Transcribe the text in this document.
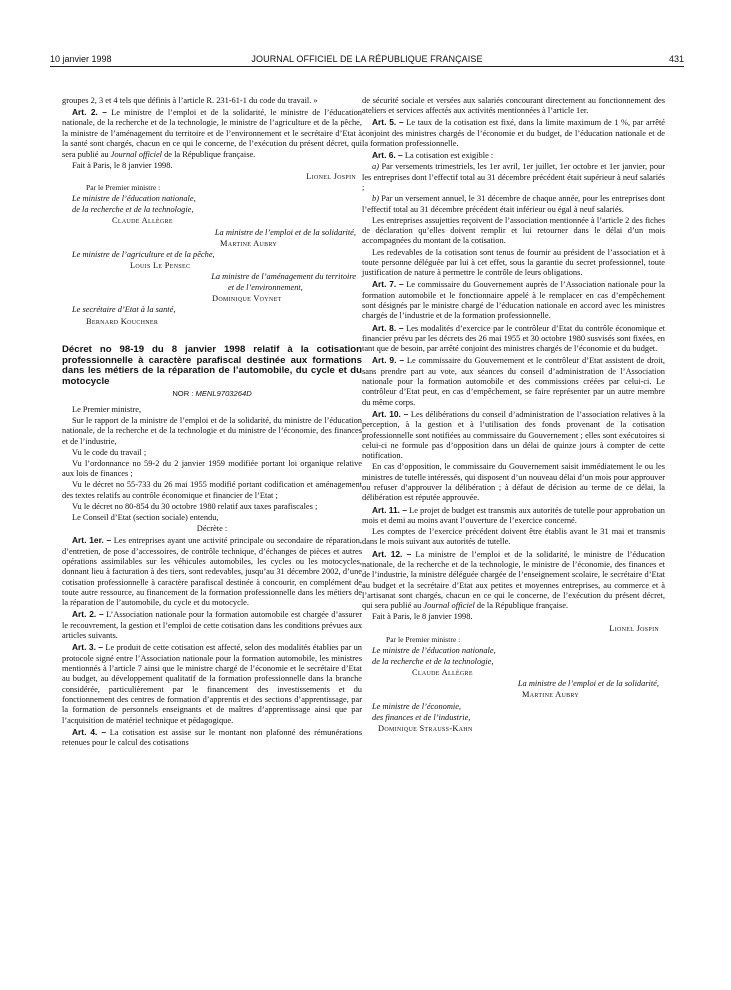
10 janvier 1998	JOURNAL OFFICIEL DE LA RÉPUBLIQUE FRANÇAISE	431

groupes 2, 3 et 4 tels que définis à l’article R. 231-61-1 du code du travail. »

Art. 2. – Le ministre de l’emploi et de la solidarité, le ministre de l’éducation nationale, de la recherche et de la technologie, le ministre de l’agriculture et de la pêche, la ministre de l’aménagement du territoire et de l’environnement et le secrétaire d’Etat à la santé sont chargés, chacun en ce qui le concerne, de l’exécution du présent décret, qui sera publié au Journal officiel de la République française.

Fait à Paris, le 8 janvier 1998.

Lionel Jospin

Par le Premier ministre :

Le ministre de l’éducation nationale,

de la recherche et de la technologie,

Claude Allègre

La ministre de l’emploi et de la solidarité,

Martine Aubry

Le ministre de l’agriculture et de la pêche,

Louis Le Pensec

La ministre de l’aménagement du territoire

et de l’environnement,

Dominique Voynet

Le secrétaire d’Etat à la santé,

Bernard Kouchner

Décret no 98-19 du 8 janvier 1998 relatif à la cotisation professionnelle à caractère parafiscal destinée aux formations dans les métiers de la réparation de l’automobile, du cycle et du motocycle
NOR : MENL9703264D

Le Premier ministre,

Sur le rapport de la ministre de l’emploi et de la solidarité, du ministre de l’éducation nationale, de la recherche et de la technologie et du ministre de l’économie, des finances et de l’industrie,

Vu le code du travail ;

Vu l’ordonnance no 59-2 du 2 janvier 1959 modifiée portant loi organique relative aux lois de finances ;

Vu le décret no 55-733 du 26 mai 1955 modifié portant codification et aménagement des textes relatifs au contrôle économique et financier de l’Etat ;

Vu le décret no 80-854 du 30 octobre 1980 relatif aux taxes parafiscales ;

Le Conseil d’Etat (section sociale) entendu,

Décrète :

Art. 1er. – Les entreprises ayant une activité principale ou secondaire de réparation, d’entretien, de pose d’accessoires, de contrôle technique, d’échanges de pièces et autres opérations assimilables sur les véhicules automobiles, les cycles ou les motocycles, donnant lieu à facturation à des tiers, sont redevables, jusqu’au 31 décembre 2002, d’une cotisation professionnelle à caractère parafiscal destinée à concourir, en complément de toute autre ressource, au financement de la formation professionnelle dans les métiers de la réparation de l’automobile, du cycle et du motocycle.

Art. 2. – L’Association nationale pour la formation automobile est chargée d’assurer le recouvrement, la gestion et l’emploi de cette cotisation dans les conditions prévues aux articles suivants.

Art. 3. – Le produit de cette cotisation est affecté, selon des modalités établies par un protocole signé entre l’Association nationale pour la formation automobile, les ministres mentionnés à l’article 7 ainsi que le ministre chargé de l’économie et le secrétaire d’Etat au budget, au développement qualitatif de la formation professionnelle dans la branche considérée, particulièrement par le financement des investissements et du fonctionnement des centres de formation d’apprentis et des sections d’apprentissage, par la formation de personnels enseignants et de maîtres d’apprentissage ainsi que par l’acquisition de matériel technique et pédagogique.

Art. 4. – La cotisation est assise sur le montant non plafonné des rémunérations retenues pour le calcul des cotisations

de sécurité sociale et versées aux salariés concourant directement au fonctionnement des ateliers et services affectés aux activités mentionnées à l’article 1er.

Art. 5. – Le taux de la cotisation est fixé, dans la limite maximum de 1 %, par arrêté conjoint des ministres chargés de l’économie et du budget, de l’éducation nationale et de la formation professionnelle.

Art. 6. – La cotisation est exigible :

a) Par versements trimestriels, les 1er avril, 1er juillet, 1er octobre et 1er janvier, pour les entreprises dont l’effectif total au 31 décembre précédent était supérieur à neuf salariés ;

b) Par un versement annuel, le 31 décembre de chaque année, pour les entreprises dont l’effectif total au 31 décembre précédent était inférieur ou égal à neuf salariés.

Les entreprises assujetties reçoivent de l’association mentionnée à l’article 2 des fiches de déclaration qu’elles doivent remplir et lui retourner dans le délai d’un mois accompagnées du montant de la cotisation.

Les redevables de la cotisation sont tenus de fournir au président de l’association et à toute personne déléguée par lui à cet effet, sous la garantie du secret professionnel, toute justification de nature à permettre le contrôle de leurs obligations.

Art. 7. – Le commissaire du Gouvernement auprès de l’Association nationale pour la formation automobile et le fonctionnaire appelé à le remplacer en cas d’empêchement sont désignés par le ministre chargé de l’éducation nationale en accord avec les ministres chargés de l’industrie et de la formation professionnelle.

Art. 8. – Les modalités d’exercice par le contrôleur d’Etat du contrôle économique et financier prévu par les décrets des 26 mai 1955 et 30 octobre 1980 susvisés sont fixées, en tant que de besoin, par arrêté conjoint des ministres chargés de l’économie et du budget.

Art. 9. – Le commissaire du Gouvernement et le contrôleur d’Etat assistent de droit, sans prendre part au vote, aux séances du conseil d’administration de l’Association nationale pour la formation automobile et des commissions créées par celui-ci. Le contrôleur d’Etat peut, en cas d’empêchement, se faire représenter par un autre membre du même corps.

Art. 10. – Les délibérations du conseil d’administration de l’association relatives à la perception, à la gestion et à l’utilisation des fonds provenant de la cotisation professionnelle sont notifiées au commissaire du Gouvernement ; elles sont exécutoires si celui-ci ne formule pas d’opposition dans un délai de quinze jours à compter de cette notification.

En cas d’opposition, le commissaire du Gouvernement saisit immédiatement le ou les ministres de tutelle intéressés, qui disposent d’un nouveau délai d’un mois pour approuver ou refuser d’approuver la délibération ; à défaut de décision au terme de ce délai, la délibération est réputée approuvée.

Art. 11. – Le projet de budget est transmis aux autorités de tutelle pour approbation un mois et demi au moins avant l’ouverture de l’exercice concerné.

Les comptes de l’exercice précédent doivent être établis avant le 31 mai et transmis dans le mois suivant aux autorités de tutelle.

Art. 12. – La ministre de l’emploi et de la solidarité, le ministre de l’éducation nationale, de la recherche et de la technologie, le ministre de l’économie, des finances et de l’industrie, la ministre déléguée chargée de l’enseignement scolaire, le secrétaire d’Etat au budget et la secrétaire d’Etat aux petites et moyennes entreprises, au commerce et à l’artisanat sont chargés, chacun en ce qui le concerne, de l’exécution du présent décret, qui sera publié au Journal officiel de la République française.

Fait à Paris, le 8 janvier 1998.

Lionel Jospin

Par le Premier ministre :

Le ministre de l’éducation nationale,

de la recherche et de la technologie,

Claude Allègre

La ministre de l’emploi et de la solidarité,

Martine Aubry

Le ministre de l’économie,

des finances et de l’industrie,

Dominique Strauss-Kahn
